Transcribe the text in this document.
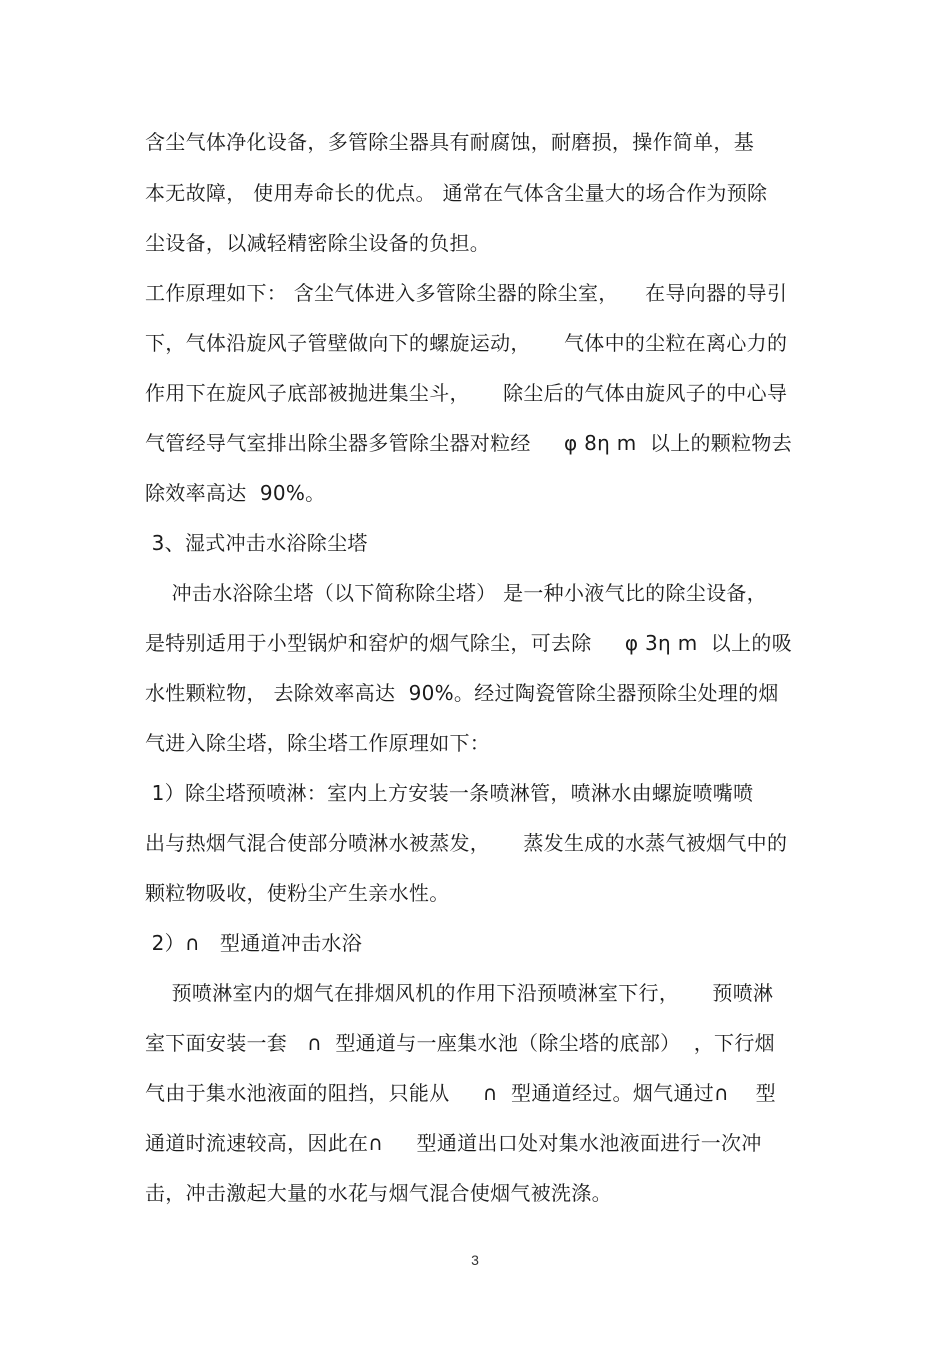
含尘气体净化设备，多管除尘器具有耐腐蚀，耐磨损，操作简单，基
本无故障， 使用寿命长的优点。 通常在气体含尘量大的场合作为预除
尘设备，以减轻精密除尘设备的负担。
工作原理如下： 含尘气体进入多管除尘器的除尘室，    在导向器的导引
下，气体沿旋风子管壁做向下的螺旋运动，     气体中的尘粒在离心力的
作用下在旋风子底部被抛进集尘斗，     除尘后的气体由旋风子的中心导
气管经导气室排出除尘器多管除尘器对粒经     φ 8η m  以上的颗粒物去
除效率高达  90%。
3、湿式冲击水浴除尘塔
冲击水浴除尘塔（以下简称除尘塔） 是一种小液气比的除尘设备，
是特别适用于小型锅炉和窑炉的烟气除尘，可去除     φ 3η m  以上的吸
水性颗粒物， 去除效率高达  90%。经过陶瓷管除尘器预除尘处理的烟
气进入除尘塔，除尘塔工作原理如下：
1）除尘塔预喷淋：室内上方安装一条喷淋管，喷淋水由螺旋喷嘴喷
出与热烟气混合使部分喷淋水被蒸发，     蒸发生成的水蒸气被烟气中的
颗粒物吸收，使粉尘产生亲水性。
2）∩   型通道冲击水浴
预喷淋室内的烟气在排烟风机的作用下沿预喷淋室下行，     预喷淋
室下面安装一套   ∩  型通道与一座集水池（除尘塔的底部）  ，下行烟
气由于集水池液面的阻挡，只能从     ∩  型通道经过。烟气通过∩    型
通道时流速较高，因此在∩     型通道出口处对集水池液面进行一次冲
击，冲击激起大量的水花与烟气混合使烟气被洗涤。
3
